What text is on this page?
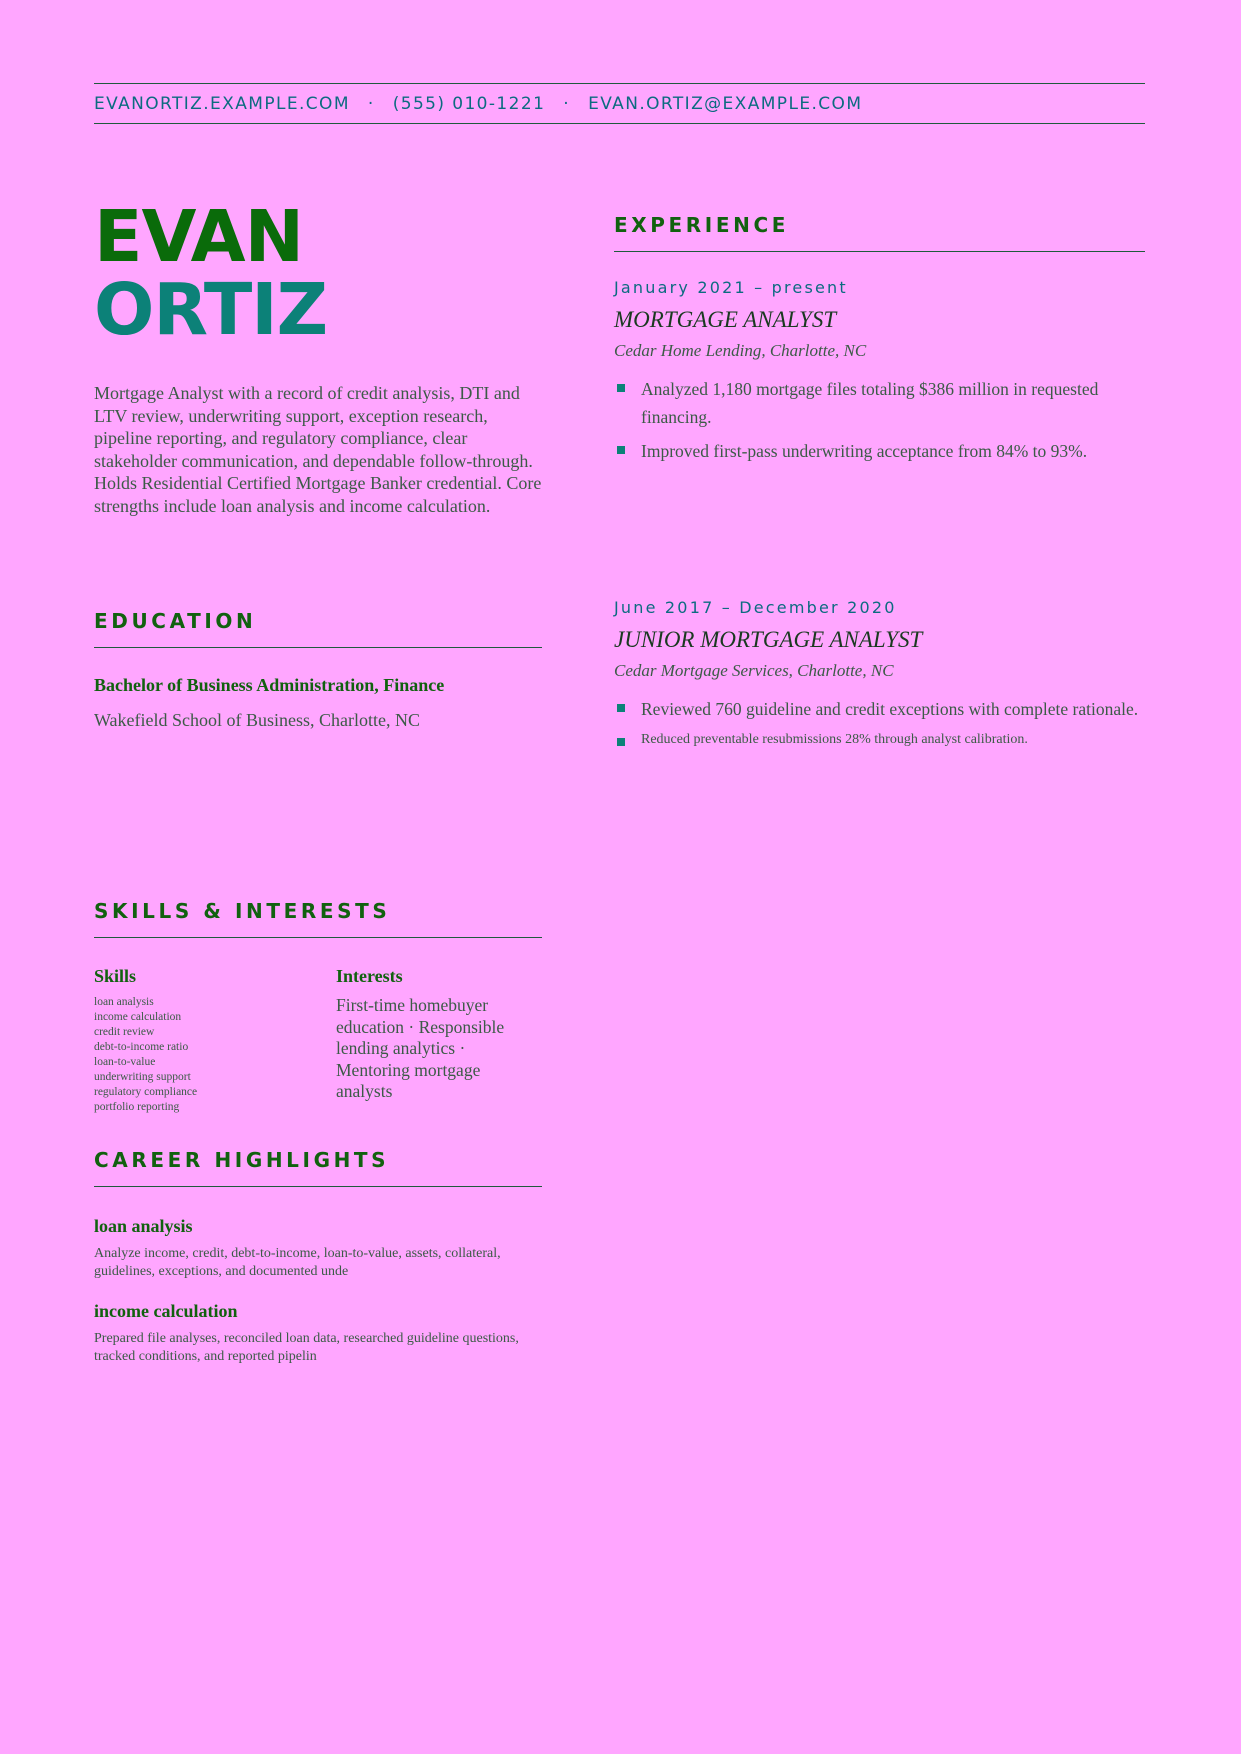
EVANORTIZ.EXAMPLE.COM · (555) 010-1221 · EVAN.ORTIZ@EXAMPLE.COM
EVAN
ORTIZ
Mortgage Analyst with a record of credit analysis, DTI and LTV review, underwriting support, exception research, pipeline reporting, and regulatory compliance, clear stakeholder communication, and dependable follow-through. Holds Residential Certified Mortgage Banker credential. Core strengths include loan analysis and income calculation.
EXPERIENCE
January 2021 – present
MORTGAGE ANALYST
Cedar Home Lending, Charlotte, NC
Analyzed 1,180 mortgage files totaling $386 million in requested financing.
Improved first-pass underwriting acceptance from 84% to 93%.
June 2017 – December 2020
JUNIOR MORTGAGE ANALYST
Cedar Mortgage Services, Charlotte, NC
Reviewed 760 guideline and credit exceptions with complete rationale.
Reduced preventable resubmissions 28% through analyst calibration.
EDUCATION
Bachelor of Business Administration, Finance
Wakefield School of Business, Charlotte, NC
SKILLS & INTERESTS
Skills
loan analysis
income calculation
credit review
debt-to-income ratio
loan-to-value
underwriting support
regulatory compliance
portfolio reporting
Interests
First-time homebuyer education · Responsible lending analytics · Mentoring mortgage analysts
CAREER HIGHLIGHTS
loan analysis
Analyze income, credit, debt-to-income, loan-to-value, assets, collateral, guidelines, exceptions, and documented unde
income calculation
Prepared file analyses, reconciled loan data, researched guideline questions, tracked conditions, and reported pipelin
